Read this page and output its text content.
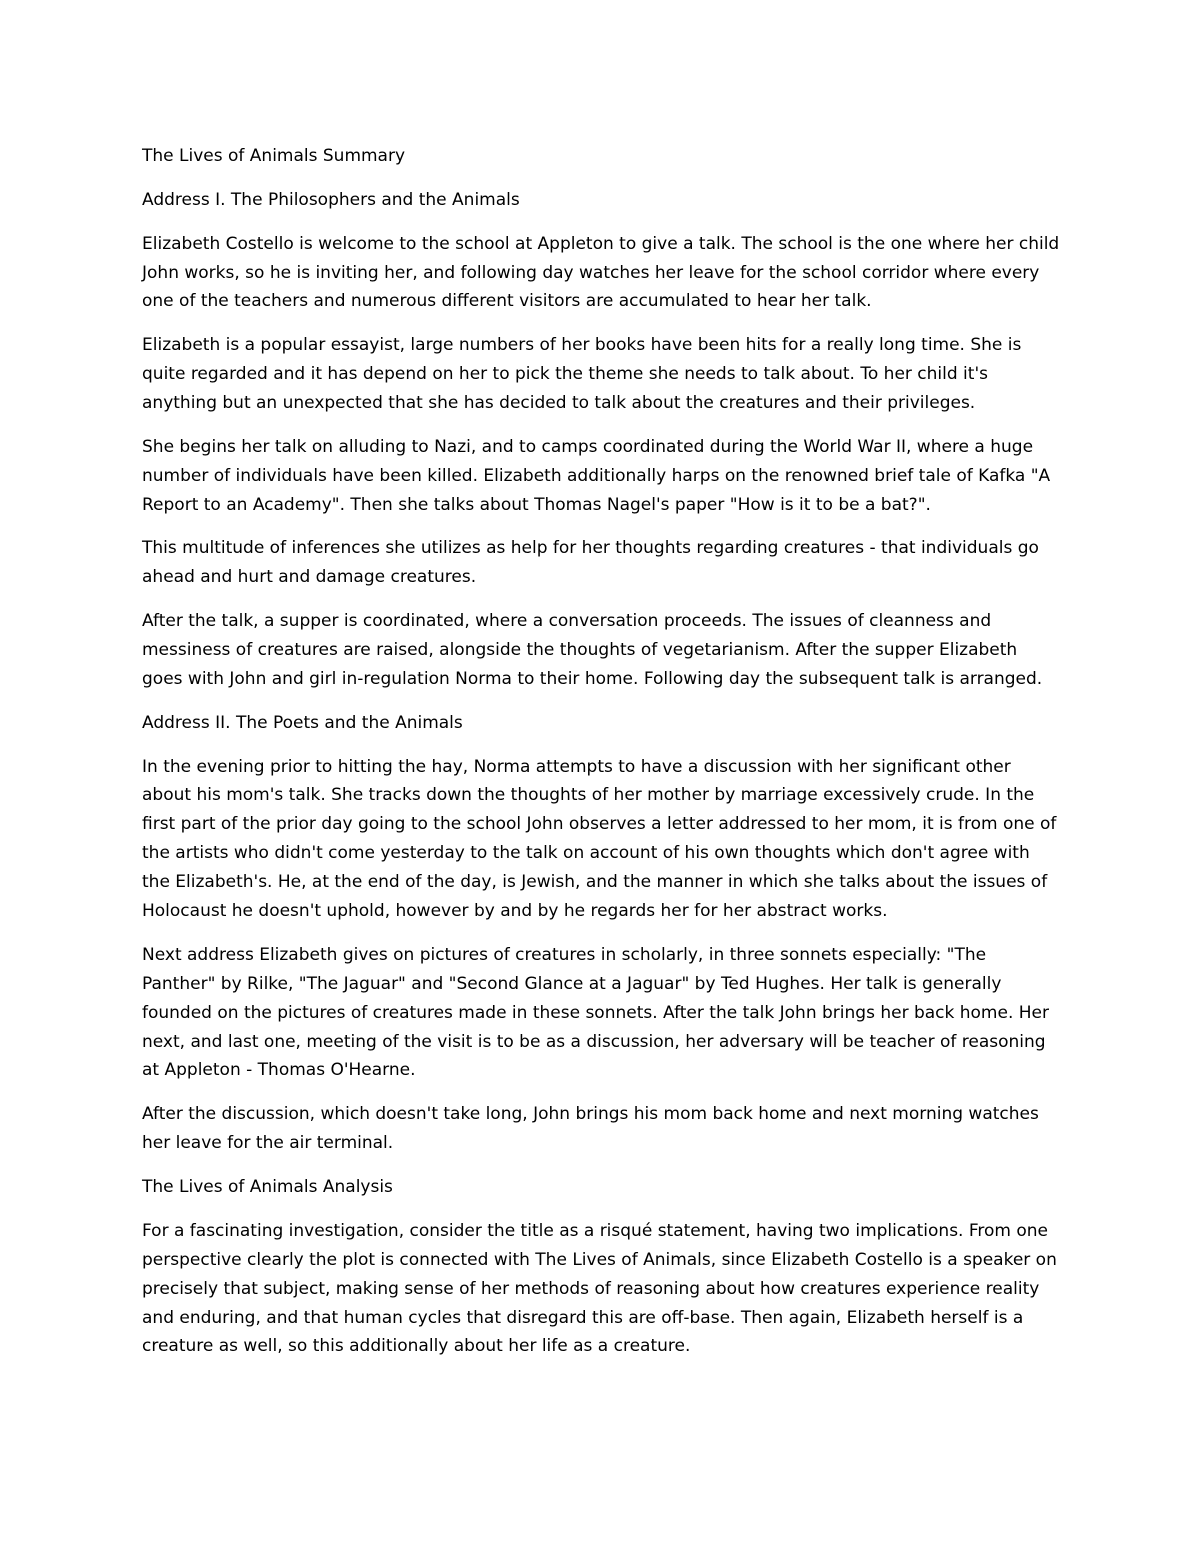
The Lives of Animals Summary

Address I. The Philosophers and the Animals

Elizabeth Costello is welcome to the school at Appleton to give a talk. The school is the one where her child John works, so he is inviting her, and following day watches her leave for the school corridor where every one of the teachers and numerous different visitors are accumulated to hear her talk.

Elizabeth is a popular essayist, large numbers of her books have been hits for a really long time. She is quite regarded and it has depend on her to pick the theme she needs to talk about. To her child it's anything but an unexpected that she has decided to talk about the creatures and their privileges.

She begins her talk on alluding to Nazi, and to camps coordinated during the World War II, where a huge number of individuals have been killed. Elizabeth additionally harps on the renowned brief tale of Kafka "A Report to an Academy". Then she talks about Thomas Nagel's paper "How is it to be a bat?".

This multitude of inferences she utilizes as help for her thoughts regarding creatures - that individuals go ahead and hurt and damage creatures.

After the talk, a supper is coordinated, where a conversation proceeds. The issues of cleanness and messiness of creatures are raised, alongside the thoughts of vegetarianism. After the supper Elizabeth goes with John and girl in-regulation Norma to their home. Following day the subsequent talk is arranged.

Address II. The Poets and the Animals

In the evening prior to hitting the hay, Norma attempts to have a discussion with her significant other about his mom's talk. She tracks down the thoughts of her mother by marriage excessively crude. In the first part of the prior day going to the school John observes a letter addressed to her mom, it is from one of the artists who didn't come yesterday to the talk on account of his own thoughts which don't agree with the Elizabeth's. He, at the end of the day, is Jewish, and the manner in which she talks about the issues of Holocaust he doesn't uphold, however by and by he regards her for her abstract works.

Next address Elizabeth gives on pictures of creatures in scholarly, in three sonnets especially: "The Panther" by Rilke, "The Jaguar" and "Second Glance at a Jaguar" by Ted Hughes. Her talk is generally founded on the pictures of creatures made in these sonnets. After the talk John brings her back home. Her next, and last one, meeting of the visit is to be as a discussion, her adversary will be teacher of reasoning at Appleton - Thomas O'Hearne.

After the discussion, which doesn't take long, John brings his mom back home and next morning watches her leave for the air terminal.

The Lives of Animals Analysis

For a fascinating investigation, consider the title as a risqué statement, having two implications. From one perspective clearly the plot is connected with The Lives of Animals, since Elizabeth Costello is a speaker on precisely that subject, making sense of her methods of reasoning about how creatures experience reality and enduring, and that human cycles that disregard this are off-base. Then again, Elizabeth herself is a creature as well, so this additionally about her life as a creature.
